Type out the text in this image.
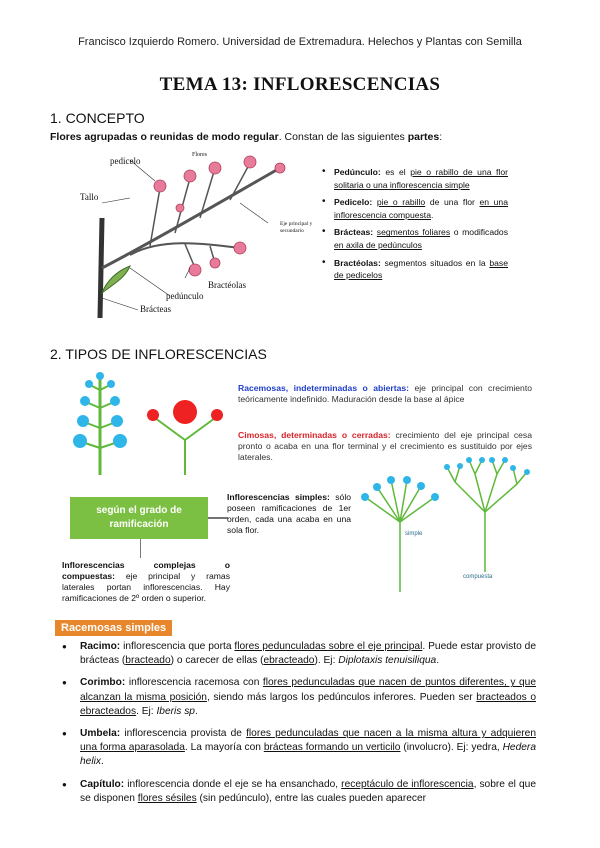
Francisco Izquierdo Romero. Universidad de Extremadura. Helechos y Plantas con Semilla
TEMA 13: INFLORESCENCIAS
1. CONCEPTO
Flores agrupadas o reunidas de modo regular. Constan de las siguientes partes:
pedicelo
Flores
Tallo
Eje principal y secundario
Bractéolas
pedúnculo
Brácteas
• Pedúnculo: es el pie o rabillo de una flor solitaria o una inflorescencia simple
• Pedicelo: pie o rabillo de una flor en una inflorescencia compuesta.
• Brácteas: segmentos foliares o modificados en axila de pedúnculos
• Bractéolas: segmentos situados en la base de pedicelos
2. TIPOS DE INFLORESCENCIAS
Racemosas, indeterminadas o abiertas: eje principal con crecimiento teóricamente indefinido. Maduración desde la base al ápice
Cimosas, determinadas o cerradas: crecimiento del eje principal cesa pronto o acaba en una flor terminal y el crecimiento es sustituido por ejes laterales.
según el grado de ramificación
Inflorescencias simples: sólo poseen ramificaciones de 1er orden, cada una acaba en una sola flor.
Inflorescencias complejas o compuestas: eje principal y ramas laterales portan inflorescencias. Hay ramificaciones de 2º orden o superior.
simple
compuesta
Racemosas simples
● Racimo: inflorescencia que porta flores pedunculadas sobre el eje principal. Puede estar provisto de brácteas (bracteado) o carecer de ellas (ebracteado). Ej: Diplotaxis tenuisiliqua.
● Corimbo: inflorescencia racemosa con flores pedunculadas que nacen de puntos diferentes, y que alcanzan la misma posición, siendo más largos los pedúnculos inferores. Pueden ser bracteados o ebracteados. Ej: Iberis sp.
● Umbela: inflorescencia provista de flores pedunculadas que nacen a la misma altura y adquieren una forma aparasolada. La mayoría con brácteas formando un verticilo (involucro). Ej: yedra, Hedera helix.
● Capítulo: inflorescencia donde el eje se ha ensanchado, receptáculo de inflorescencia, sobre el que se disponen flores sésiles (sin pedúnculo), entre las cuales pueden aparecer
